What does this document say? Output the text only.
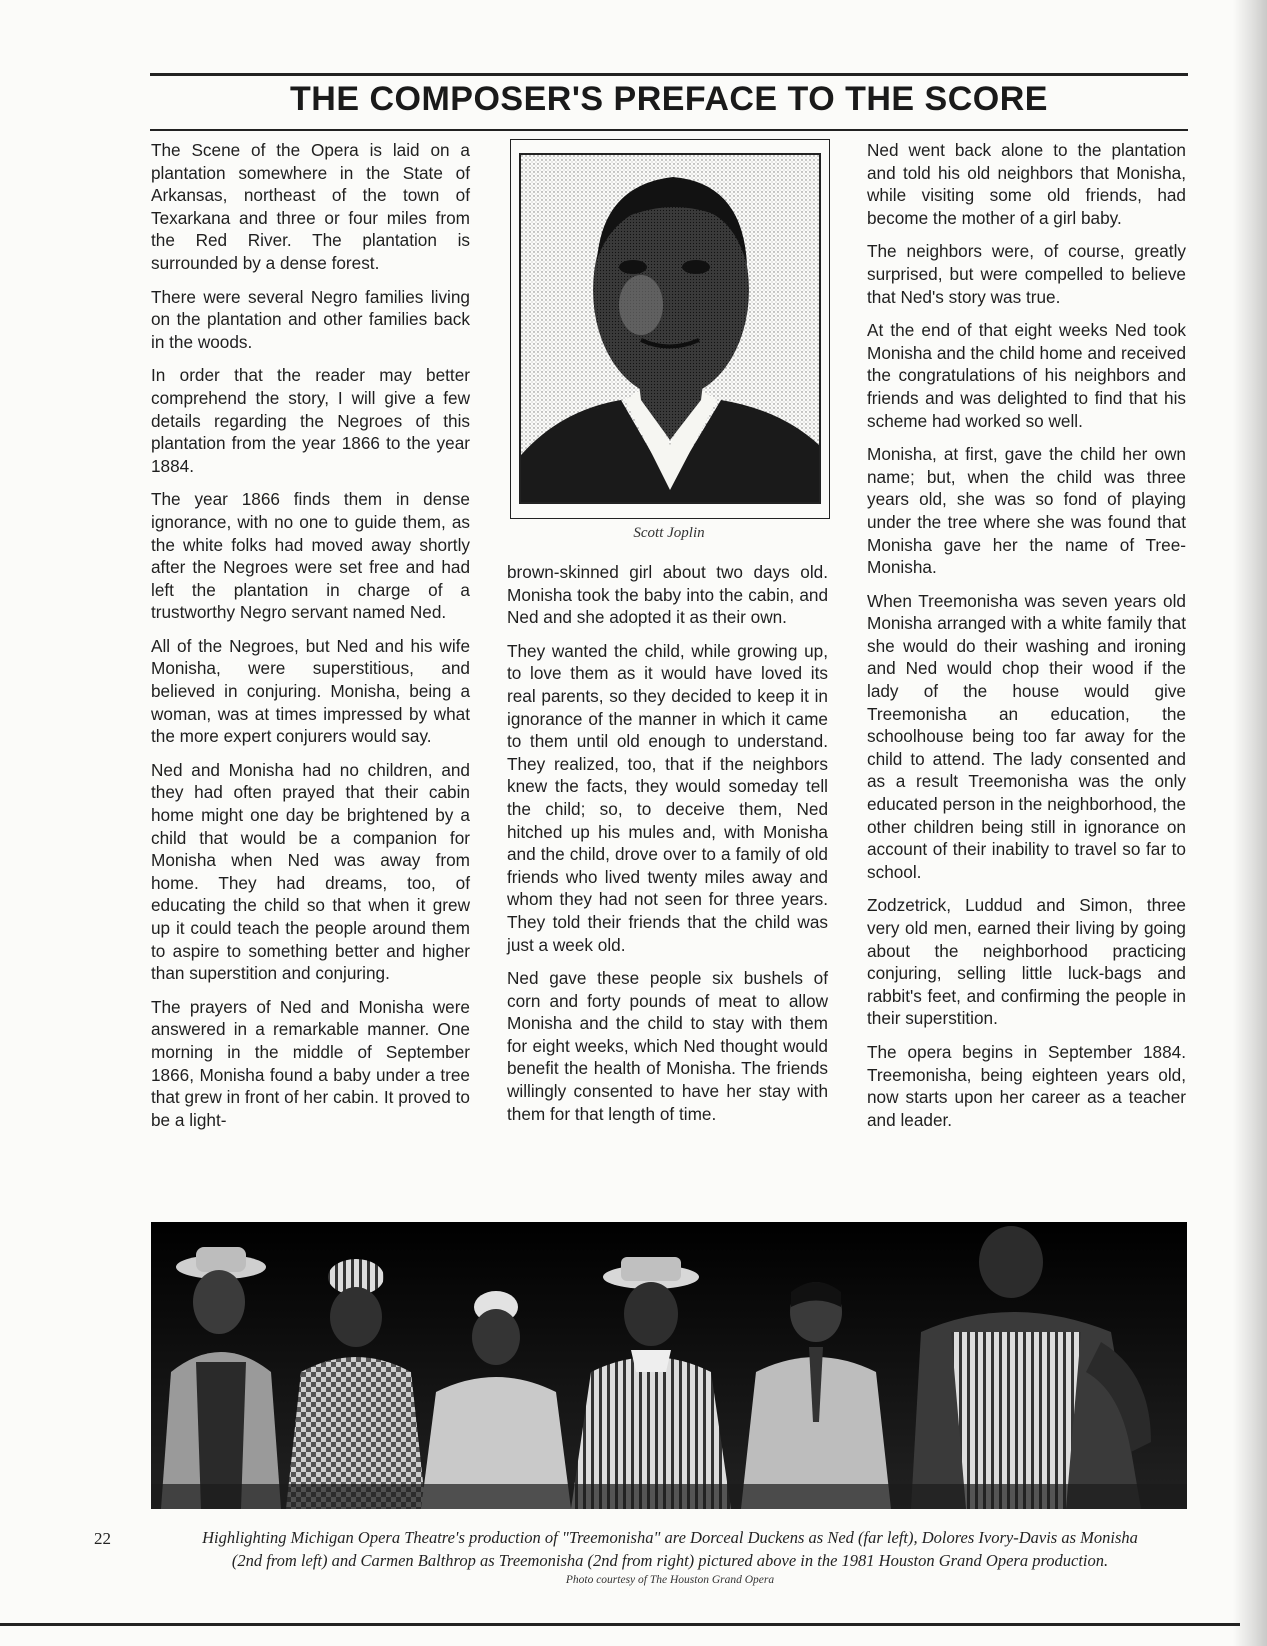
THE COMPOSER'S PREFACE TO THE SCORE

The Scene of the Opera is laid on a plantation somewhere in the State of Arkansas, northeast of the town of Texarkana and three or four miles from the Red River. The plantation is surrounded by a dense forest.

There were several Negro families living on the plantation and other families back in the woods.

In order that the reader may better comprehend the story, I will give a few details regarding the Negroes of this plantation from the year 1866 to the year 1884.

The year 1866 finds them in dense ignorance, with no one to guide them, as the white folks had moved away shortly after the Negroes were set free and had left the plantation in charge of a trustworthy Negro servant named Ned.

All of the Negroes, but Ned and his wife Monisha, were superstitious, and believed in conjuring. Monisha, being a woman, was at times impressed by what the more expert conjurers would say.

Ned and Monisha had no children, and they had often prayed that their cabin home might one day be brightened by a child that would be a companion for Monisha when Ned was away from home. They had dreams, too, of educating the child so that when it grew up it could teach the people around them to aspire to something better and higher than superstition and conjuring.

The prayers of Ned and Monisha were answered in a remarkable manner. One morning in the middle of September 1866, Monisha found a baby under a tree that grew in front of her cabin. It proved to be a light-

Scott Joplin

brown-skinned girl about two days old. Monisha took the baby into the cabin, and Ned and she adopted it as their own.

They wanted the child, while growing up, to love them as it would have loved its real parents, so they decided to keep it in ignorance of the manner in which it came to them until old enough to understand. They realized, too, that if the neighbors knew the facts, they would someday tell the child; so, to deceive them, Ned hitched up his mules and, with Monisha and the child, drove over to a family of old friends who lived twenty miles away and whom they had not seen for three years. They told their friends that the child was just a week old.

Ned gave these people six bushels of corn and forty pounds of meat to allow Monisha and the child to stay with them for eight weeks, which Ned thought would benefit the health of Monisha. The friends willingly consented to have her stay with them for that length of time.

Ned went back alone to the plantation and told his old neighbors that Monisha, while visiting some old friends, had become the mother of a girl baby.

The neighbors were, of course, greatly surprised, but were compelled to believe that Ned's story was true.

At the end of that eight weeks Ned took Monisha and the child home and received the congratulations of his neighbors and friends and was delighted to find that his scheme had worked so well.

Monisha, at first, gave the child her own name; but, when the child was three years old, she was so fond of playing under the tree where she was found that Monisha gave her the name of Tree-Monisha.

When Treemonisha was seven years old Monisha arranged with a white family that she would do their washing and ironing and Ned would chop their wood if the lady of the house would give Treemonisha an education, the schoolhouse being too far away for the child to attend. The lady consented and as a result Treemonisha was the only educated person in the neighborhood, the other children being still in ignorance on account of their inability to travel so far to school.

Zodzetrick, Luddud and Simon, three very old men, earned their living by going about the neighborhood practicing conjuring, selling little luck-bags and rabbit's feet, and confirming the people in their superstition.

The opera begins in September 1884. Treemonisha, being eighteen years old, now starts upon her career as a teacher and leader.

22	Highlighting Michigan Opera Theatre's production of "Treemonisha" are Dorceal Duckens as Ned (far left), Dolores Ivory-Davis as Monisha
(2nd from left) and Carmen Balthrop as Treemonisha (2nd from right) pictured above in the 1981 Houston Grand Opera production.
Photo courtesy of The Houston Grand Opera
